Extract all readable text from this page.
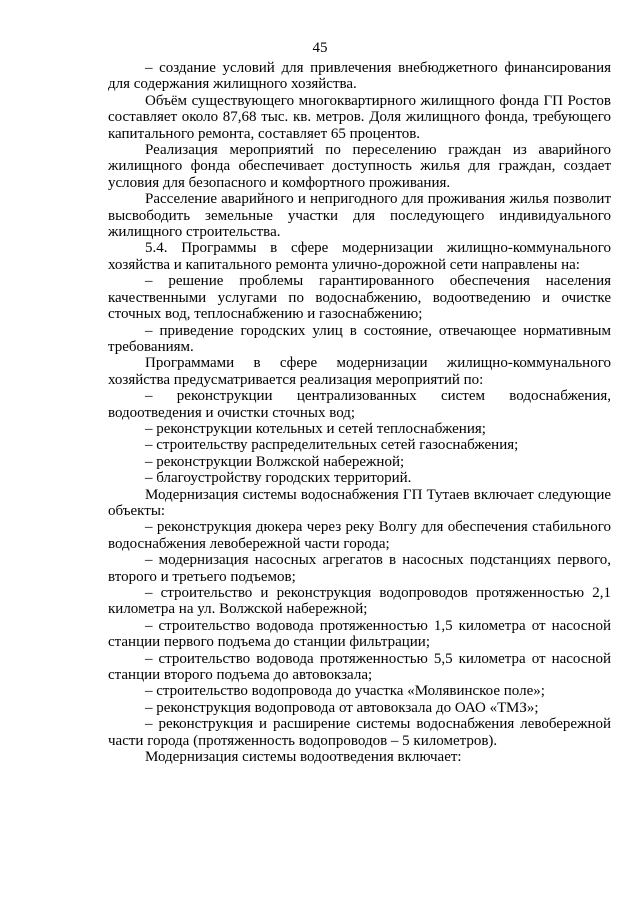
45

– создание условий для привлечения внебюджетного финансирования для содержания жилищного хозяйства.

Объём существующего многоквартирного жилищного фонда ГП Ростов составляет около 87,68 тыс. кв. метров. Доля жилищного фонда, требующего капитального ремонта, составляет 65 процентов.

Реализация мероприятий по переселению граждан из аварийного жилищного фонда обеспечивает доступность жилья для граждан, создает условия для безопасного и комфортного проживания.

Расселение аварийного и непригодного для проживания жилья позволит высвободить земельные участки для последующего индивидуального жилищного строительства.

5.4. Программы в сфере модернизации жилищно-коммунального хозяйства и капитального ремонта улично-дорожной сети направлены на:

– решение проблемы гарантированного обеспечения населения качественными услугами по водоснабжению, водоотведению и очистке сточных вод, теплоснабжению и газоснабжению;

– приведение городских улиц в состояние, отвечающее нормативным требованиям.

Программами в сфере модернизации жилищно-коммунального хозяйства предусматривается реализация мероприятий по:

– реконструкции централизованных систем водоснабжения, водоотведения и очистки сточных вод;

– реконструкции котельных и сетей теплоснабжения;

– строительству распределительных сетей газоснабжения;

– реконструкции Волжской набережной;

– благоустройству городских территорий.

Модернизация системы водоснабжения ГП Тутаев включает следующие объекты:

– реконструкция дюкера через реку Волгу для обеспечения стабильного водоснабжения левобережной части города;

– модернизация насосных агрегатов в насосных подстанциях первого, второго и третьего подъемов;

– строительство и реконструкция водопроводов протяженностью 2,1 километра на ул. Волжской набережной;

– строительство водовода протяженностью 1,5 километра от насосной станции первого подъема до станции фильтрации;

– строительство водовода протяженностью 5,5 километра от насосной станции второго подъема до автовокзала;

– строительство водопровода до участка «Молявинское поле»;

– реконструкция водопровода от автовокзала до ОАО «ТМЗ»;

– реконструкция и расширение системы водоснабжения левобережной части города (протяженность водопроводов – 5 километров).

Модернизация системы водоотведения включает:
